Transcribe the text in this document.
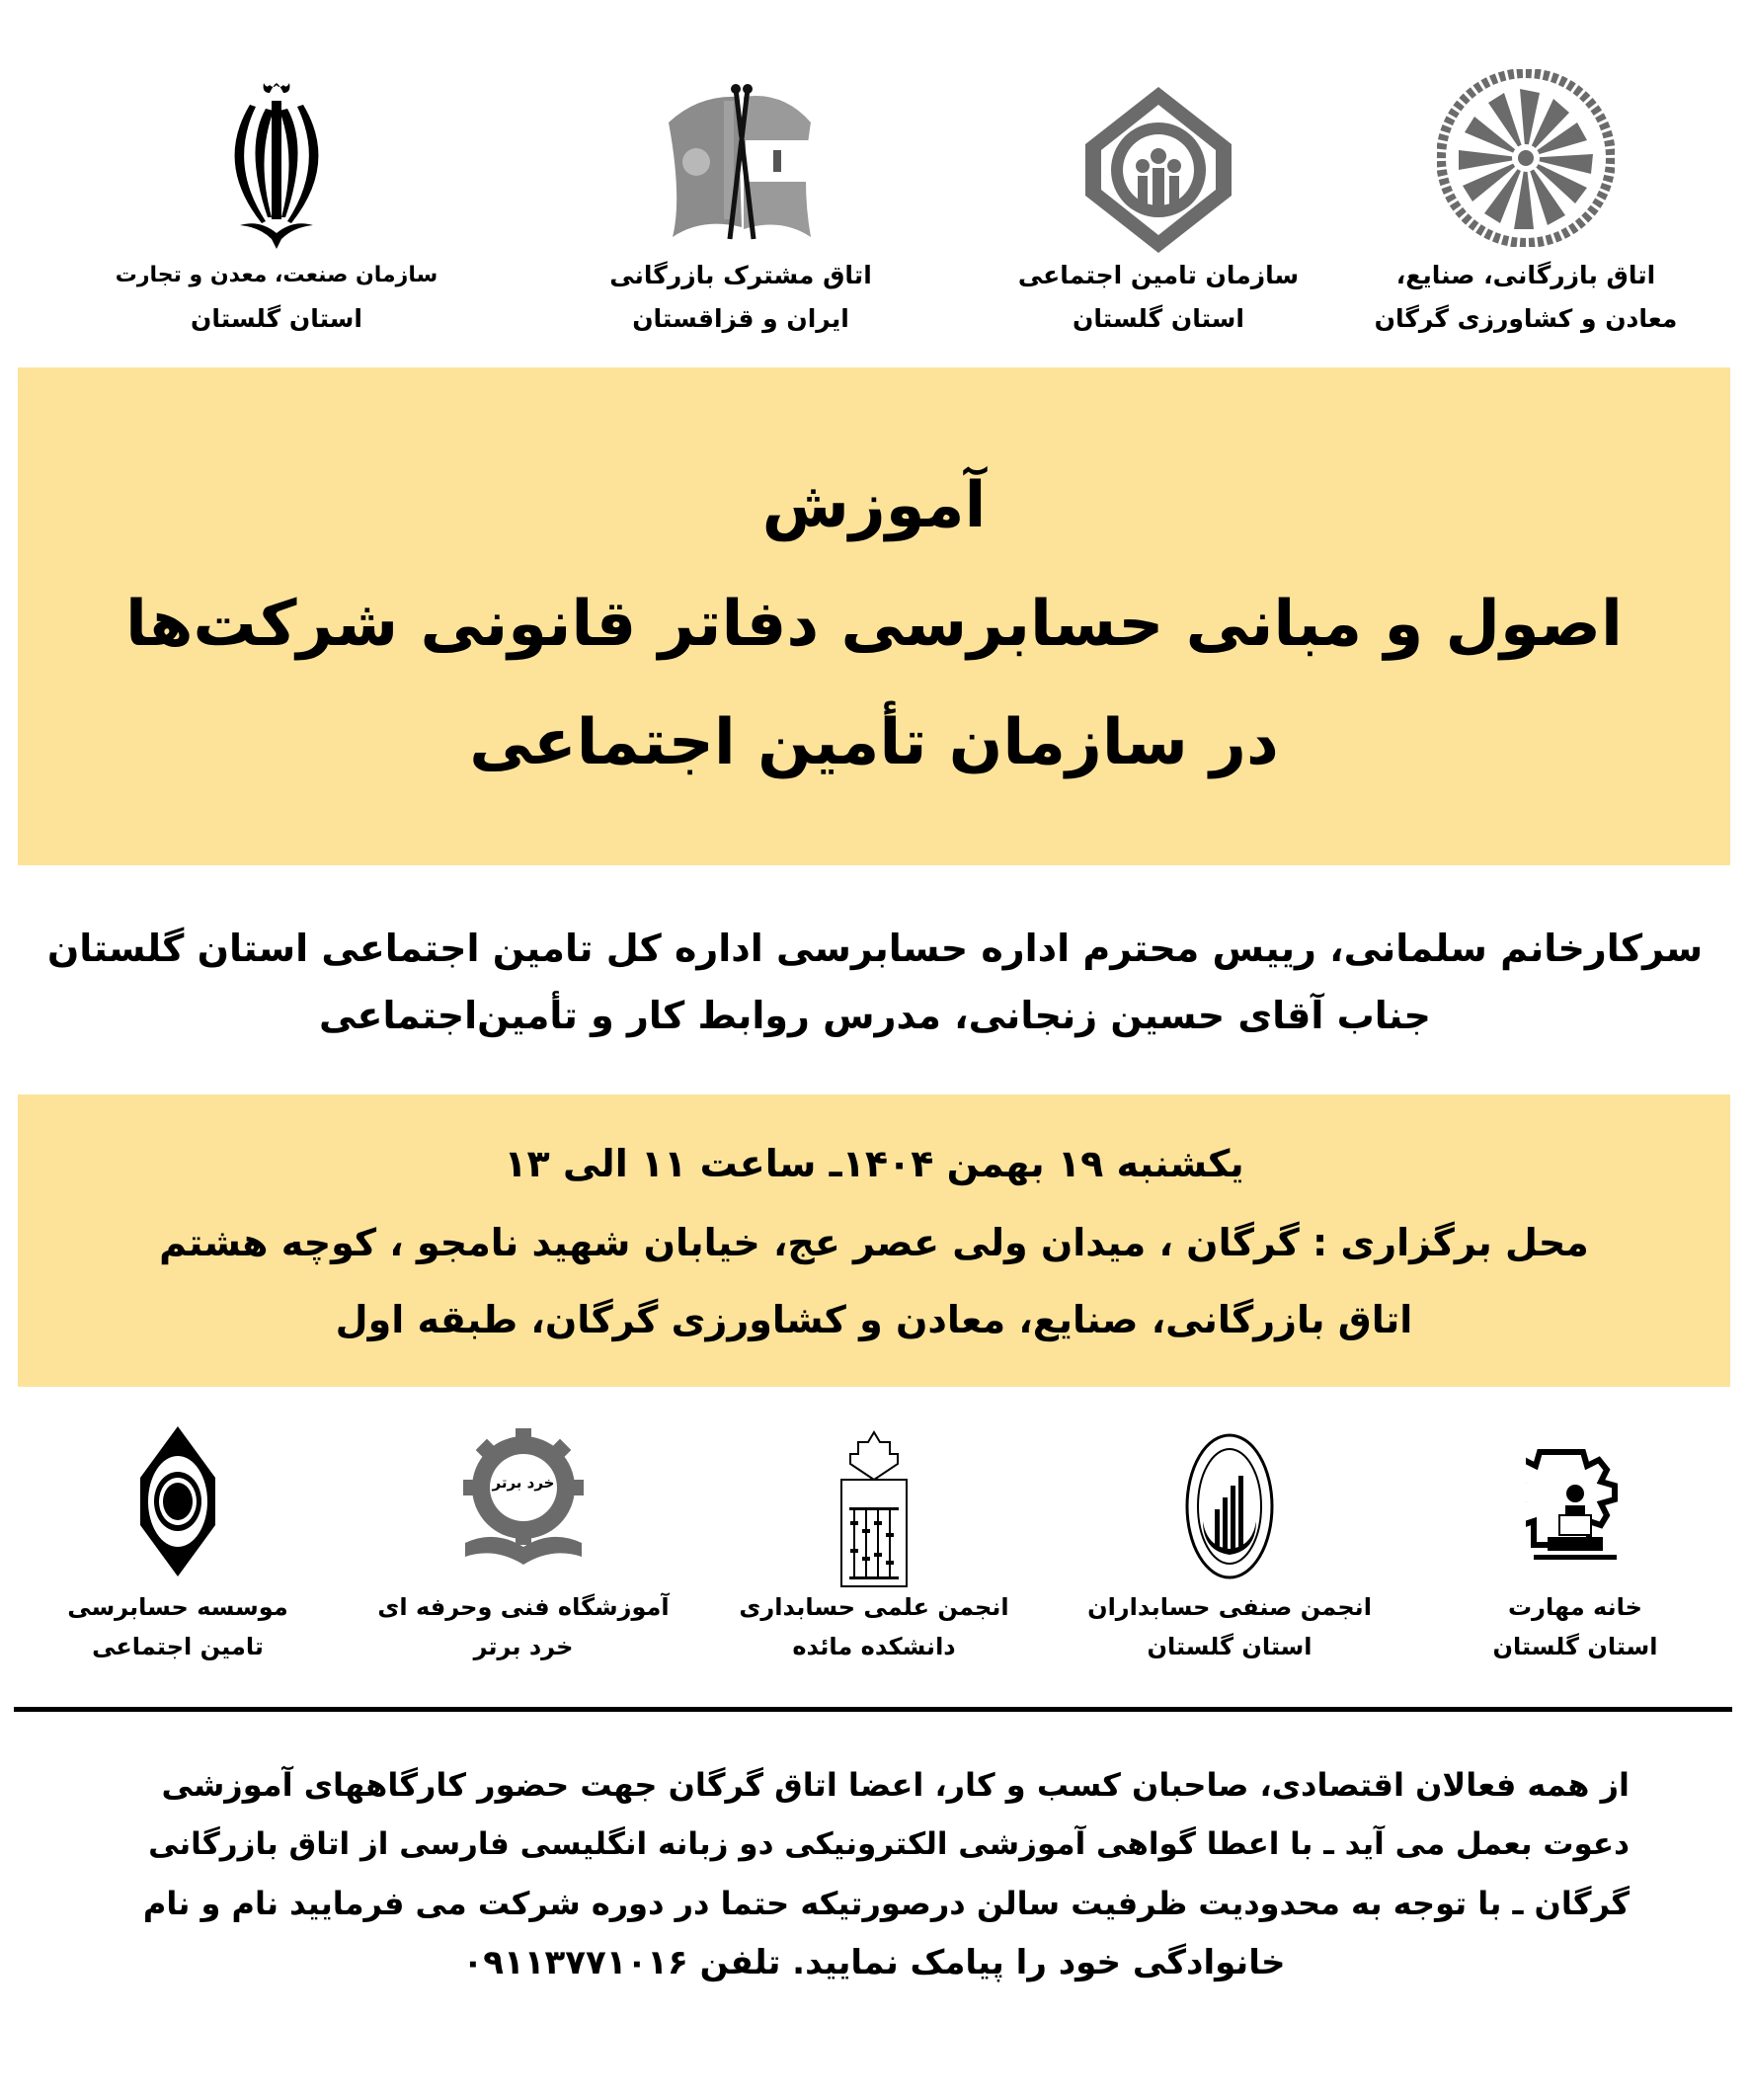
سازمان صنعت، معدن و تجارت
استان گلستان
اتاق مشترک بازرگانی
ایران و قزاقستان
سازمان تامین اجتماعی
استان گلستان
اتاق بازرگانی، صنایع،
معادن و کشاورزی گرگان
آموزش
اصول و مبانی حسابرسی دفاتر قانونی شرکت‌ها
در سازمان تأمین اجتماعی
سرکارخانم سلمانی، رییس محترم اداره حسابرسی اداره کل تامین اجتماعی استان گلستان
جناب آقای حسین زنجانی، مدرس روابط کار و تأمین‌اجتماعی
یکشنبه ۱۹ بهمن ۱۴۰۴ـ ساعت ۱۱ الی ۱۳
محل برگزاری : گرگان ، میدان ولی عصر عج، خیابان شهید نامجو ، کوچه هشتم
اتاق بازرگانی، صنایع، معادن و کشاورزی گرگان، طبقه اول
موسسه حسابرسی
تامین اجتماعی
خرد برتر
آموزشگاه فنی وحرفه ای
خرد برتر
انجمن علمی حسابداری
دانشکده مائده
انجمن صنفی حسابداران
استان گلستان
خانه مهارت
استان گلستان
از همه فعالان اقتصادی، صاحبان کسب و کار، اعضا اتاق گرگان جهت حضور کارگاههای آموزشی
دعوت بعمل می آید ـ با اعطا گواهی آموزشی الکترونیکی دو زبانه انگلیسی فارسی از اتاق بازرگانی
گرگان ـ با توجه به محدودیت ظرفیت سالن درصورتیکه حتما در دوره شرکت می فرمایید نام و نام
خانوادگی خود را پیامک نمایید. تلفن ۰۹۱۱۳۷۷۱۰۱۶
